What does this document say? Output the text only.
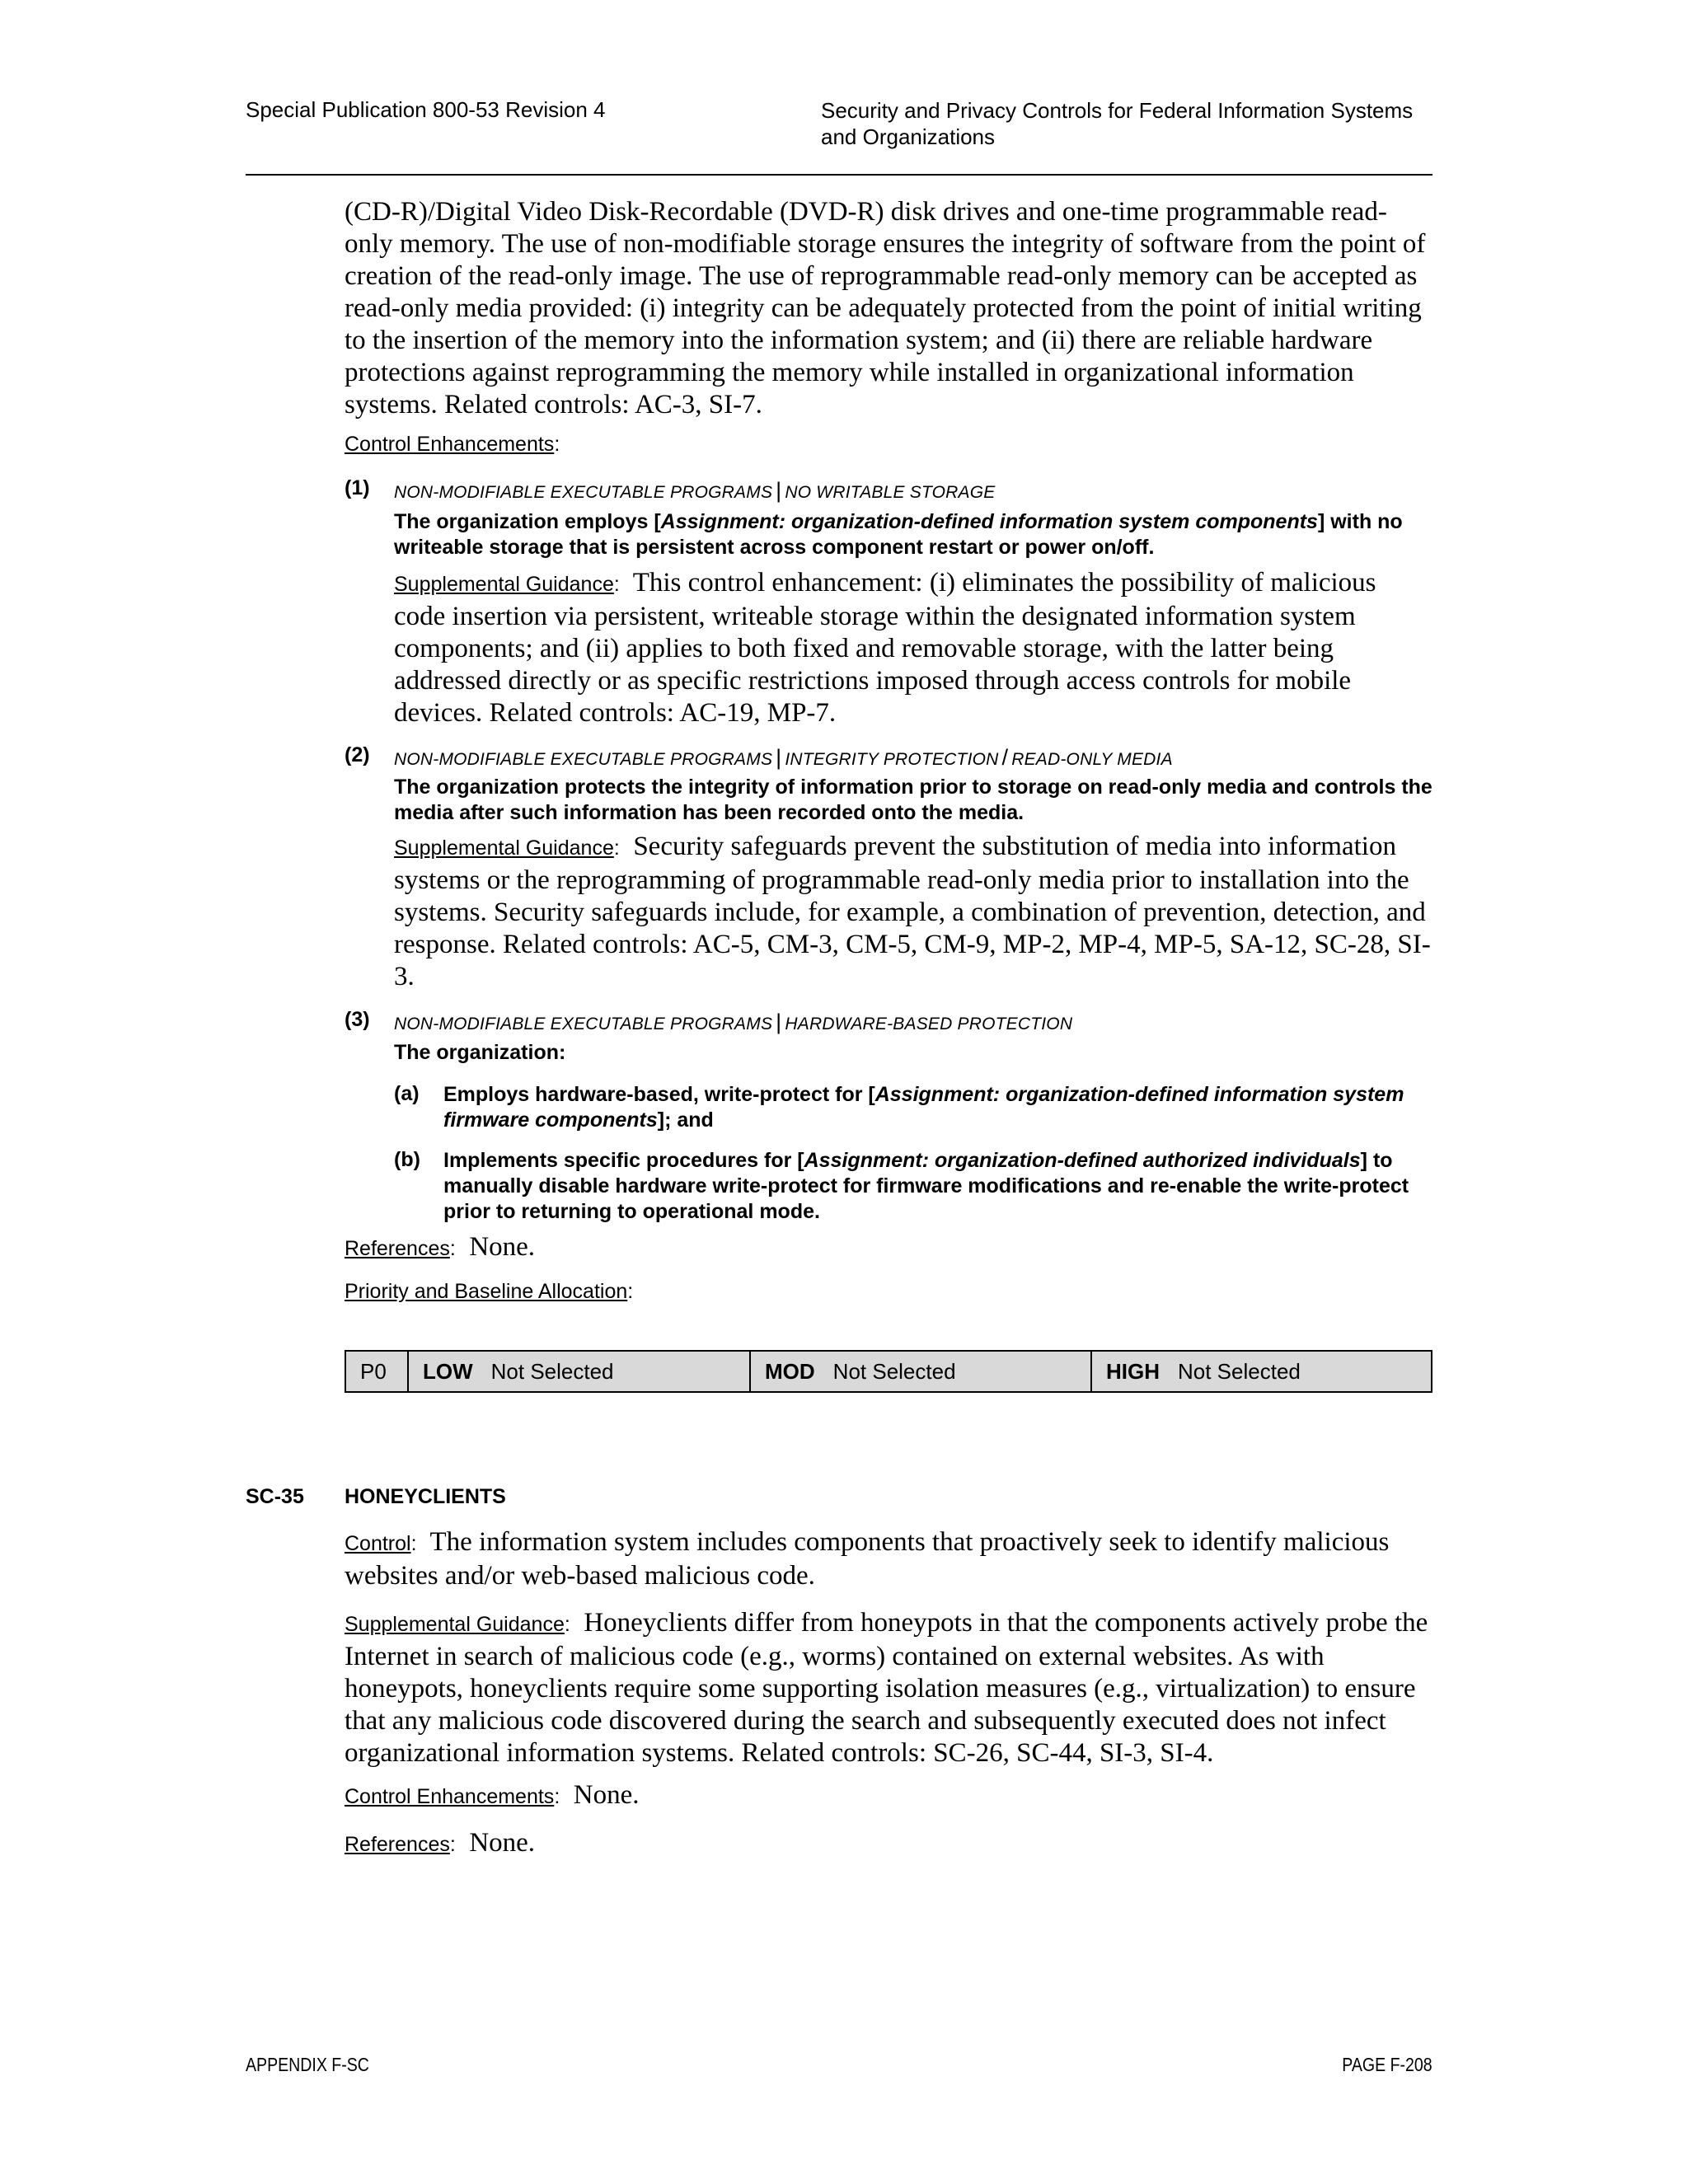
Special Publication 800-53 Revision 4	Security and Privacy Controls for Federal Information Systems
and Organizations
(CD-R)/Digital Video Disk-Recordable (DVD-R) disk drives and one-time programmable read-only memory. The use of non-modifiable storage ensures the integrity of software from the point of creation of the read-only image. The use of reprogrammable read-only memory can be accepted as read-only media provided: (i) integrity can be adequately protected from the point of initial writing to the insertion of the memory into the information system; and (ii) there are reliable hardware protections against reprogramming the memory while installed in organizational information systems. Related controls: AC-3, SI-7.
Control Enhancements:
(1) NON-MODIFIABLE EXECUTABLE PROGRAMS | NO WRITABLE STORAGE
The organization employs [Assignment: organization-defined information system components] with no writeable storage that is persistent across component restart or power on/off.
Supplemental Guidance: This control enhancement: (i) eliminates the possibility of malicious code insertion via persistent, writeable storage within the designated information system components; and (ii) applies to both fixed and removable storage, with the latter being addressed directly or as specific restrictions imposed through access controls for mobile devices. Related controls: AC-19, MP-7.
(2) NON-MODIFIABLE EXECUTABLE PROGRAMS | INTEGRITY PROTECTION / READ-ONLY MEDIA
The organization protects the integrity of information prior to storage on read-only media and controls the media after such information has been recorded onto the media.
Supplemental Guidance: Security safeguards prevent the substitution of media into information systems or the reprogramming of programmable read-only media prior to installation into the systems. Security safeguards include, for example, a combination of prevention, detection, and response. Related controls: AC-5, CM-3, CM-5, CM-9, MP-2, MP-4, MP-5, SA-12, SC-28, SI-3.
(3) NON-MODIFIABLE EXECUTABLE PROGRAMS | HARDWARE-BASED PROTECTION
The organization:
(a) Employs hardware-based, write-protect for [Assignment: organization-defined information system firmware components]; and
(b) Implements specific procedures for [Assignment: organization-defined authorized individuals] to manually disable hardware write-protect for firmware modifications and re-enable the write-protect prior to returning to operational mode.
References: None.
Priority and Baseline Allocation:
P0 LOW Not Selected	MOD Not Selected	HIGH Not Selected
SC-35 HONEYCLIENTS
Control: The information system includes components that proactively seek to identify malicious websites and/or web-based malicious code.
Supplemental Guidance: Honeyclients differ from honeypots in that the components actively probe the Internet in search of malicious code (e.g., worms) contained on external websites. As with honeypots, honeyclients require some supporting isolation measures (e.g., virtualization) to ensure that any malicious code discovered during the search and subsequently executed does not infect organizational information systems. Related controls: SC-26, SC-44, SI-3, SI-4.
Control Enhancements: None.
References: None.
APPENDIX F-SC	PAGE F-208
